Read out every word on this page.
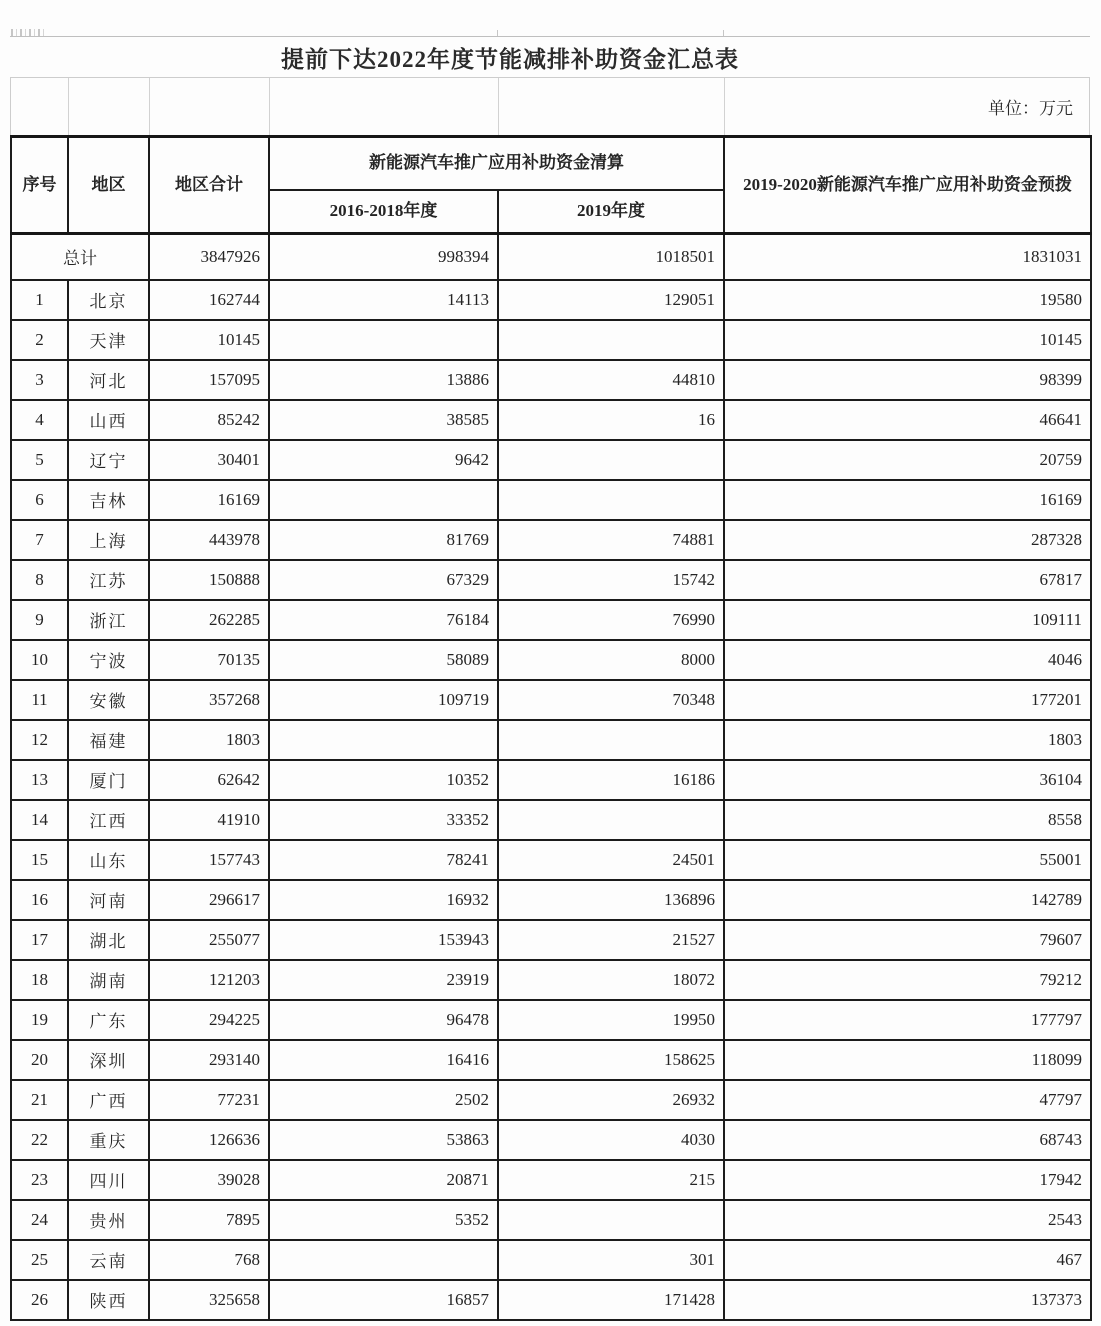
提前下达2022年度节能减排补助资金汇总表
单位：万元
序号	地区	地区合计	新能源汽车推广应用补助资金清算		2019-2020新能源汽车推广应用补助资金预拨
			2016-2018年度	2019年度	
总计		3847926	998394	1018501	1831031
1	北京	162744	14113	129051	19580
2	天津	10145			10145
3	河北	157095	13886	44810	98399
4	山西	85242	38585	16	46641
5	辽宁	30401	9642		20759
6	吉林	16169			16169
7	上海	443978	81769	74881	287328
8	江苏	150888	67329	15742	67817
9	浙江	262285	76184	76990	109111
10	宁波	70135	58089	8000	4046
11	安徽	357268	109719	70348	177201
12	福建	1803			1803
13	厦门	62642	10352	16186	36104
14	江西	41910	33352		8558
15	山东	157743	78241	24501	55001
16	河南	296617	16932	136896	142789
17	湖北	255077	153943	21527	79607
18	湖南	121203	23919	18072	79212
19	广东	294225	96478	19950	177797
20	深圳	293140	16416	158625	118099
21	广西	77231	2502	26932	47797
22	重庆	126636	53863	4030	68743
23	四川	39028	20871	215	17942
24	贵州	7895	5352		2543
25	云南	768		301	467
26	陕西	325658	16857	171428	137373
